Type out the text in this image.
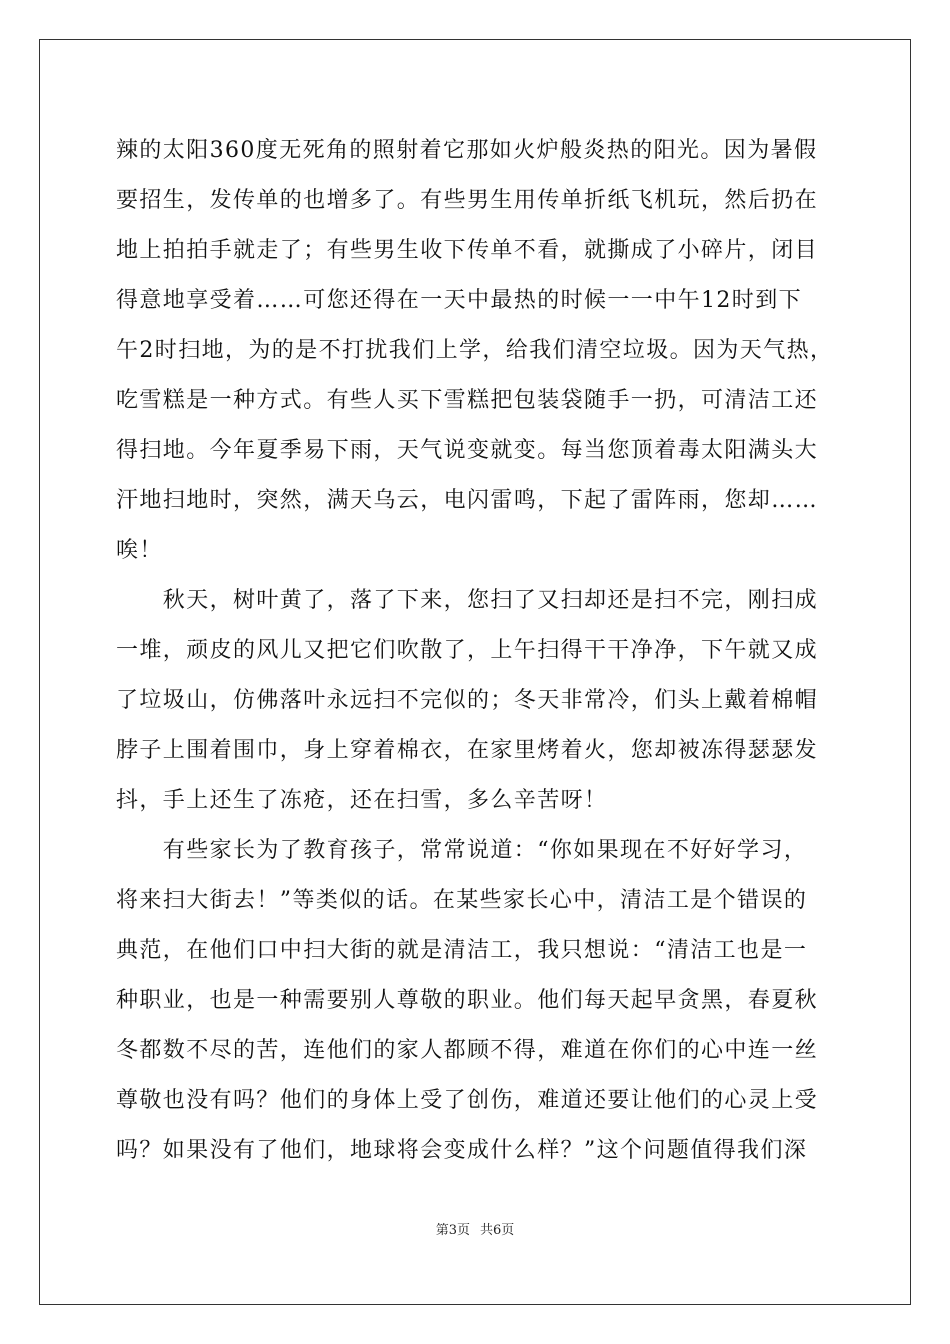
辣的太阳360度无死角的照射着它那如火炉般炎热的阳光。因为暑假
要招生，发传单的也增多了。有些男生用传单折纸飞机玩，然后扔在
地上拍拍手就走了；有些男生收下传单不看，就撕成了小碎片，闭目
得意地享受着……可您还得在一天中最热的时候一一中午12时到下
午2时扫地，为的是不打扰我们上学，给我们清空垃圾。因为天气热，
吃雪糕是一种方式。有些人买下雪糕把包装袋随手一扔，可清洁工还
得扫地。今年夏季易下雨，天气说变就变。每当您顶着毒太阳满头大
汗地扫地时，突然，满天乌云，电闪雷鸣，下起了雷阵雨，您却……
唉！
　　秋天，树叶黄了，落了下来，您扫了又扫却还是扫不完，刚扫成
一堆，顽皮的风儿又把它们吹散了，上午扫得干干净净，下午就又成
了垃圾山，仿佛落叶永远扫不完似的；冬天非常冷，们头上戴着棉帽
脖子上围着围巾，身上穿着棉衣，在家里烤着火，您却被冻得瑟瑟发
抖，手上还生了冻疮，还在扫雪，多么辛苦呀！
　　有些家长为了教育孩子，常常说道：“你如果现在不好好学习，
将来扫大街去！”等类似的话。在某些家长心中，清洁工是个错误的
典范，在他们口中扫大街的就是清洁工，我只想说：“清洁工也是一
种职业，也是一种需要别人尊敬的职业。他们每天起早贪黑，春夏秋
冬都数不尽的苦，连他们的家人都顾不得，难道在你们的心中连一丝
尊敬也没有吗？他们的身体上受了创伤，难道还要让他们的心灵上受
吗？如果没有了他们，地球将会变成什么样？”这个问题值得我们深
第3页 共6页
